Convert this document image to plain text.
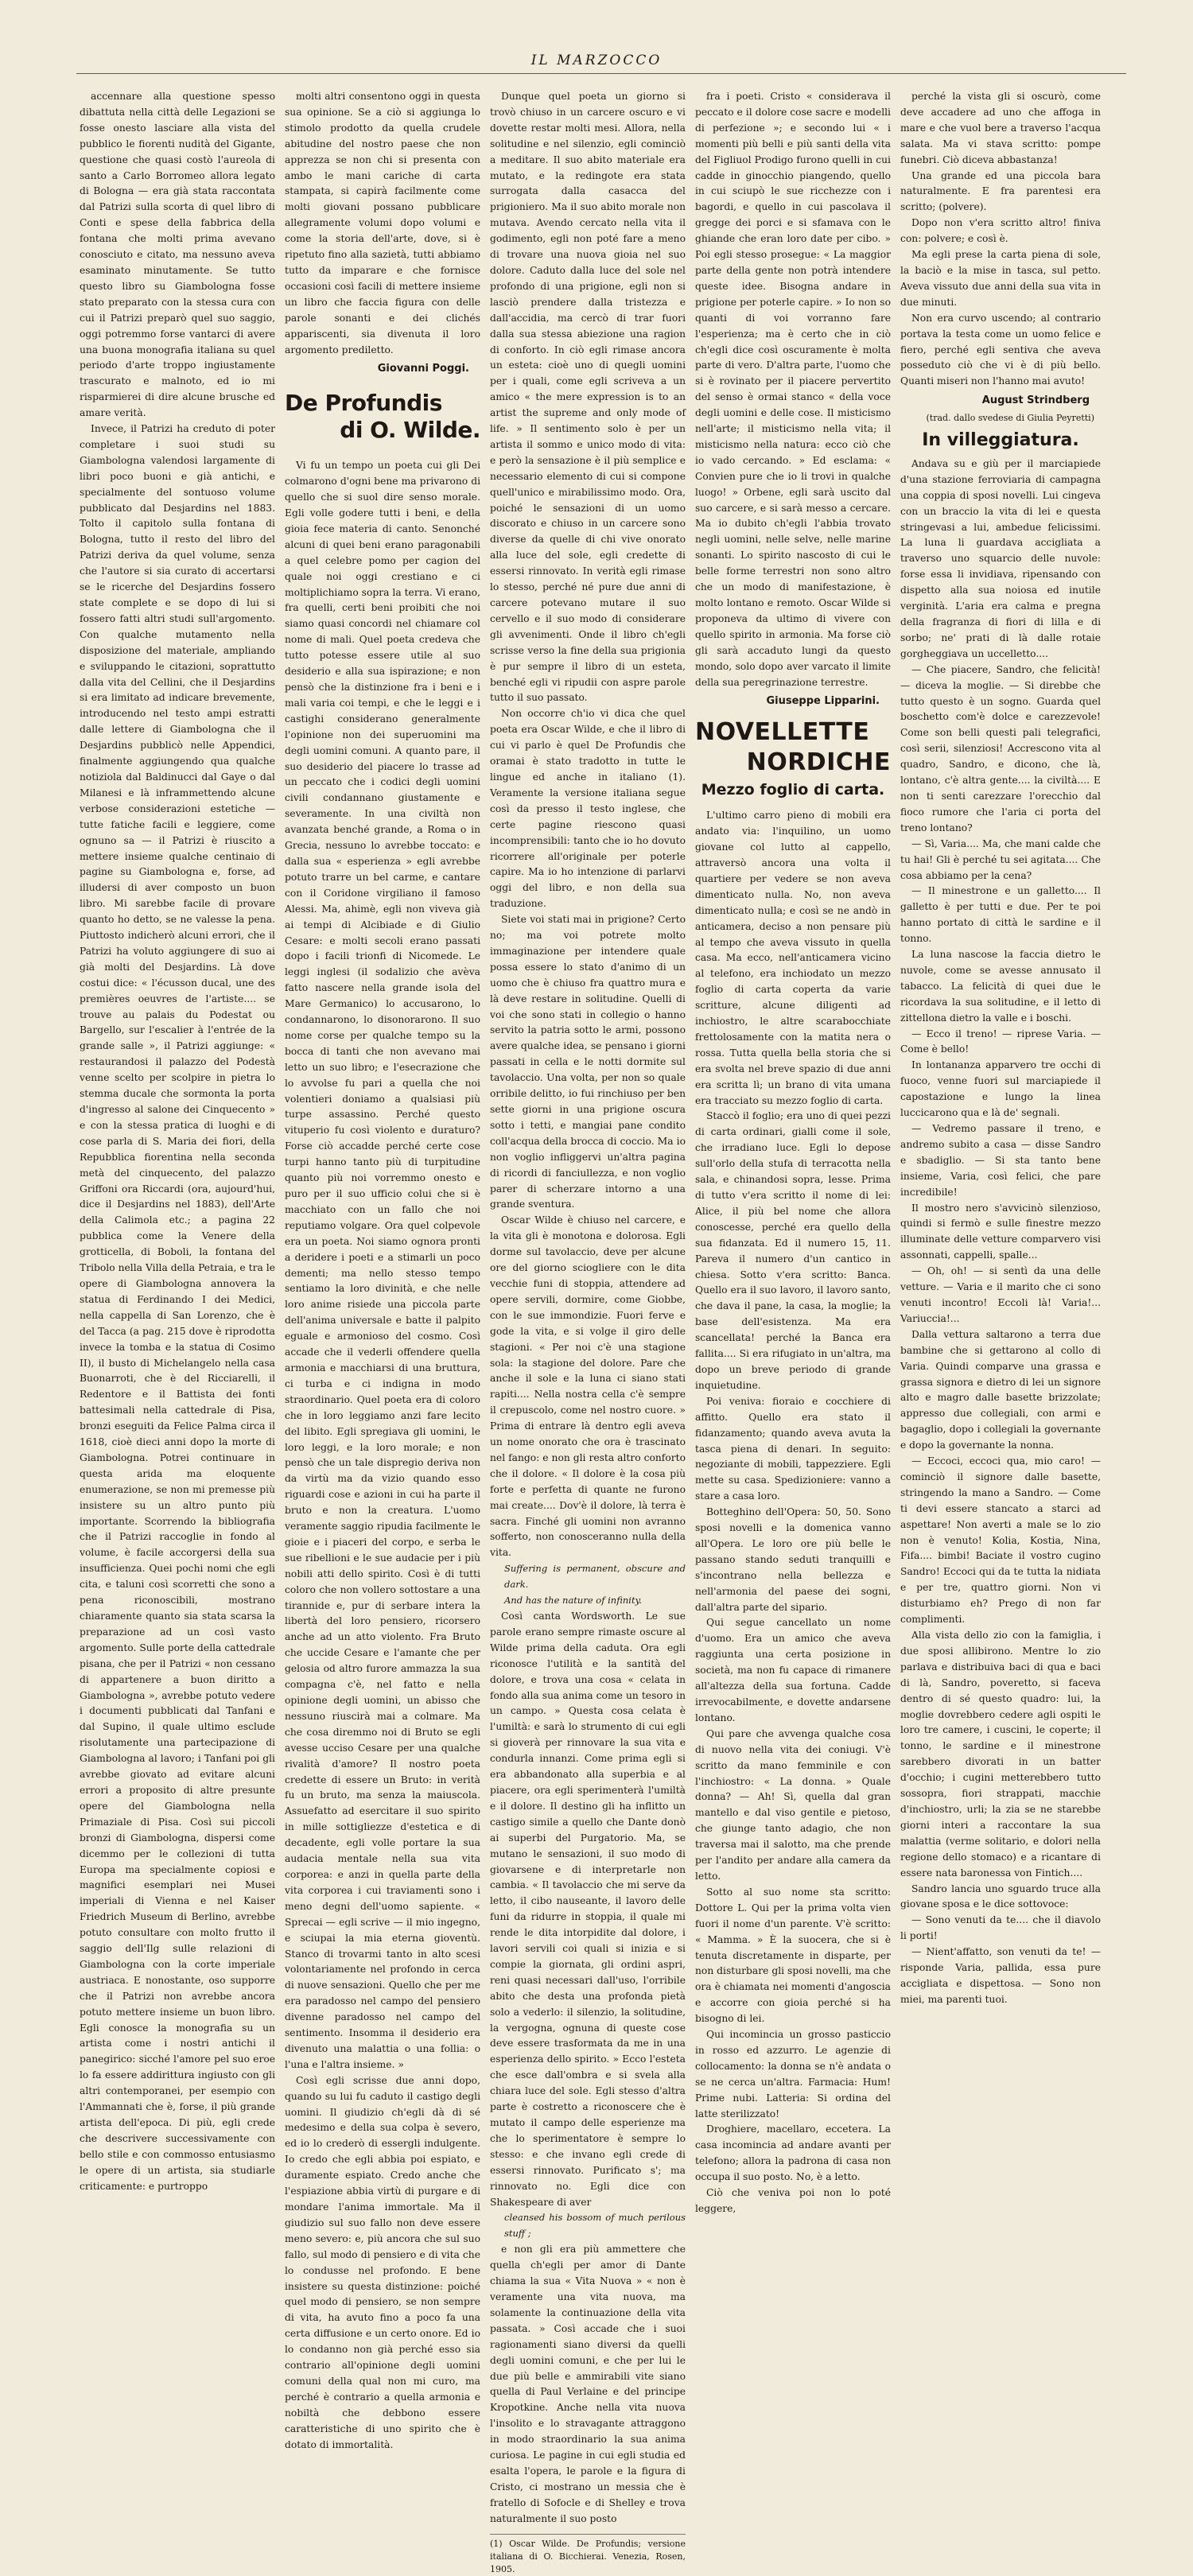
IL MARZOCCO

accennare alla questione spesso dibattuta nella città delle Legazioni se fosse onesto lasciare alla vista del pubblico le fiorenti nudità del Gigante, questione che quasi costò l'aureola di santo a Carlo Borromeo allora legato di Bologna — era già stata raccontata dal Patrizi sulla scorta di quel libro di Conti e spese della fabbrica della fontana che molti prima avevano conosciuto e citato, ma nessuno aveva esaminato minutamente. Se tutto questo libro su Giambologna fosse stato preparato con la stessa cura con cui il Patrizi preparò quel suo saggio, oggi potremmo forse vantarci di avere una buona monografia italiana su quel periodo d'arte troppo ingiustamente trascurato e malnoto, ed io mi risparmierei di dire alcune brusche ed amare verità.

Invece, il Patrizi ha creduto di poter completare i suoi studi su Giambologna valendosi largamente di libri poco buoni e già antichi, e specialmente del sontuoso volume pubblicato dal Desjardins nel 1883. Tolto il capitolo sulla fontana di Bologna, tutto il resto del libro del Patrizi deriva da quel volume, senza che l'autore si sia curato di accertarsi se le ricerche del Desjardins fossero state complete e se dopo di lui si fossero fatti altri studi sull'argomento. Con qualche mutamento nella disposizione del materiale, ampliando e sviluppando le citazioni, soprattutto dalla vita del Cellini, che il Desjardins si era limitato ad indicare brevemente, introducendo nel testo ampi estratti dalle lettere di Giambologna che il Desjardins pubblicò nelle Appendici, finalmente aggiungendo qua qualche notiziola dal Baldinucci dal Gaye o dal Milanesi e là inframmettendo alcune verbose considerazioni estetiche — tutte fatiche facili e leggiere, come ognuno sa — il Patrizi è riuscito a mettere insieme qualche centinaio di pagine su Giambologna e, forse, ad illudersi di aver composto un buon libro. Mi sarebbe facile di provare quanto ho detto, se ne valesse la pena. Piuttosto indicherò alcuni errori, che il Patrizi ha voluto aggiungere di suo ai già molti del Desjardins. Là dove costui dice: « l'écusson ducal, une des premières oeuvres de l'artiste.... se trouve au palais du Podestat ou Bargello, sur l'escalier à l'entrée de la grande salle », il Patrizi aggiunge: « restaurandosi il palazzo del Podestà venne scelto per scolpire in pietra lo stemma ducale che sormonta la porta d'ingresso al salone dei Cinquecento » e con la stessa pratica di luoghi e di cose parla di S. Maria dei fiori, della Repubblica fiorentina nella seconda metà del cinquecento, del palazzo Griffoni ora Riccardi (ora, aujourd'hui, dice il Desjardins nel 1883), dell'Arte della Calimola etc.; a pagina 22 pubblica come la Venere della grotticella, di Boboli, la fontana del Tribolo nella Villa della Petraia, e tra le opere di Giambologna annovera la statua di Ferdinando I dei Medici, nella cappella di San Lorenzo, che è del Tacca (a pag. 215 dove è riprodotta invece la tomba e la statua di Cosimo II), il busto di Michelangelo nella casa Buonarroti, che è del Ricciarelli, il Redentore e il Battista dei fonti battesimali nella cattedrale di Pisa, bronzi eseguiti da Felice Palma circa il 1618, cioè dieci anni dopo la morte di Giambologna. Potrei continuare in questa arida ma eloquente enumerazione, se non mi premesse più insistere su un altro punto più importante. Scorrendo la bibliografia che il Patrizi raccoglie in fondo al volume, è facile accorgersi della sua insufficienza. Quei pochi nomi che egli cita, e taluni così scorretti che sono a pena riconoscibili, mostrano chiaramente quanto sia stata scarsa la preparazione ad un così vasto argomento. Sulle porte della cattedrale pisana, che per il Patrizi « non cessano di appartenere a buon diritto a Giambologna », avrebbe potuto vedere i documenti pubblicati dal Tanfani e dal Supino, il quale ultimo esclude risolutamente una partecipazione di Giambologna al lavoro; i Tanfani poi gli avrebbe giovato ad evitare alcuni errori a proposito di altre presunte opere del Giambologna nella Primaziale di Pisa. Così sui piccoli bronzi di Giambologna, dispersi come dicemmo per le collezioni di tutta Europa ma specialmente copiosi e magnifici esemplari nei Musei imperiali di Vienna e nel Kaiser Friedrich Museum di Berlino, avrebbe potuto consultare con molto frutto il saggio dell'Ilg sulle relazioni di Giambologna con la corte imperiale austriaca. E nonostante, oso supporre che il Patrizi non avrebbe ancora potuto mettere insieme un buon libro. Egli conosce la monografia su un artista come i nostri antichi il panegirico: sicché l'amore pel suo eroe lo fa essere addirittura ingiusto con gli altri contemporanei, per esempio con l'Ammannati che è, forse, il più grande artista dell'epoca. Di più, egli crede che descrivere successivamente con bello stile e con commosso entusiasmo le opere di un artista, sia studiarle criticamente: e purtroppo

molti altri consentono oggi in questa sua opinione. Se a ciò si aggiunga lo stimolo prodotto da quella crudele abitudine del nostro paese che non apprezza se non chi si presenta con ambo le mani cariche di carta stampata, si capirà facilmente come molti giovani possano pubblicare allegramente volumi dopo volumi e come la storia dell'arte, dove, si è ripetuto fino alla sazietà, tutti abbiamo tutto da imparare e che fornisce occasioni così facili di mettere insieme un libro che faccia figura con delle parole sonanti e dei clichés appariscenti, sia divenuta il loro argomento prediletto.

Giovanni Poggi.
De Profundis
di O. Wilde.

Vi fu un tempo un poeta cui gli Dei colmarono d'ogni bene ma privarono di quello che si suol dire senso morale. Egli volle godere tutti i beni, e della gioia fece materia di canto. Senonché alcuni di quei beni erano paragonabili a quel celebre pomo per cagion del quale noi oggi crestiano e ci moltiplichiamo sopra la terra. Vi erano, fra quelli, certi beni proibiti che noi siamo quasi concordi nel chiamare col nome di mali. Quel poeta credeva che tutto potesse essere utile al suo desiderio e alla sua ispirazione; e non pensò che la distinzione fra i beni e i mali varia coi tempi, e che le leggi e i castighi considerano generalmente l'opinione non dei superuomini ma degli uomini comuni. A quanto pare, il suo desiderio del piacere lo trasse ad un peccato che i codici degli uomini civili condannano giustamente e severamente. In una civiltà non avanzata benché grande, a Roma o in Grecia, nessuno lo avrebbe toccato: e dalla sua « esperienza » egli avrebbe potuto trarre un bel carme, e cantare con il Coridone virgiliano il famoso Alessi. Ma, ahimè, egli non viveva già ai tempi di Alcibiade e di Giulio Cesare: e molti secoli erano passati dopo i facili trionfi di Nicomede. Le leggi inglesi (il sodalizio che avèva fatto nascere nella grande isola del Mare Germanico) lo accusarono, lo condannarono, lo disonorarono. Il suo nome corse per qualche tempo su la bocca di tanti che non avevano mai letto un suo libro; e l'esecrazione che lo avvolse fu pari a quella che noi volentieri doniamo a qualsiasi più turpe assassino. Perché questo vituperio fu così violento e duraturo? Forse ciò accadde perché certe cose turpi hanno tanto più di turpitudine quanto più noi vorremmo onesto e puro per il suo ufficio colui che si è macchiato con un fallo che noi reputiamo volgare. Ora quel colpevole era un poeta. Noi siamo ognora pronti a deridere i poeti e a stimarli un poco dementi; ma nello stesso tempo sentiamo la loro divinità, e che nelle loro anime risiede una piccola parte dell'anima universale e batte il palpito eguale e armonioso del cosmo. Così accade che il vederli offendere quella armonia e macchiarsi di una bruttura, ci turba e ci indigna in modo straordinario. Quel poeta era di coloro che in loro leggiamo anzi fare lecito del libito. Egli spregiava gli uomini, le loro leggi, e la loro morale; e non pensò che un tale dispregio deriva non da virtù ma da vizio quando esso riguardi cose e azioni in cui ha parte il bruto e non la creatura. L'uomo veramente saggio ripudia facilmente le gioie e i piaceri del corpo, e serba le sue ribellioni e le sue audacie per i più nobili atti dello spirito. Così è di tutti coloro che non vollero sottostare a una tirannide e, pur di serbare intera la libertà del loro pensiero, ricorsero anche ad un atto violento. Fra Bruto che uccide Cesare e l'amante che per gelosia od altro furore ammazza la sua compagna c'è, nel fatto e nella opinione degli uomini, un abisso che nessuno riuscirà mai a colmare. Ma che cosa diremmo noi di Bruto se egli avesse ucciso Cesare per una qualche rivalità d'amore? Il nostro poeta credette di essere un Bruto: in verità fu un bruto, ma senza la maiuscola. Assuefatto ad esercitare il suo spirito in mille sottigliezze d'estetica e di decadente, egli volle portare la sua audacia mentale nella sua vita corporea: e anzi in quella parte della vita corporea i cui traviamenti sono i meno degni dell'uomo sapiente. « Sprecai — egli scrive — il mio ingegno, e sciupai la mia eterna gioventù. Stanco di trovarmi tanto in alto scesi volontariamente nel profondo in cerca di nuove sensazioni. Quello che per me era paradosso nel campo del pensiero divenne paradosso nel campo del sentimento. Insomma il desiderio era divenuto una malattia o una follia: o l'una e l'altra insieme. »

Così egli scrisse due anni dopo, quando su lui fu caduto il castigo degli uomini. Il giudizio ch'egli dà di sé medesimo e della sua colpa è severo, ed io lo crederò di essergli indulgente. Io credo che egli abbia poi espiato, e duramente espiato. Credo anche che l'espiazione abbia virtù di purgare e di mondare l'anima immortale. Ma il giudizio sul suo fallo non deve essere meno severo: e, più ancora che sul suo fallo, sul modo di pensiero e di vita che lo condusse nel profondo. E bene insistere su questa distinzione: poiché quel modo di pensiero, se non sempre di vita, ha avuto fino a poco fa una certa diffusione e un certo onore. Ed io lo condanno non già perché esso sia contrario all'opinione degli uomini comuni della qual non mi curo, ma perché è contrario a quella armonia e nobiltà che debbono essere caratteristiche di uno spirito che è dotato di immortalità.

Dunque quel poeta un giorno si trovò chiuso in un carcere oscuro e vi dovette restar molti mesi. Allora, nella solitudine e nel silenzio, egli cominciò a meditare. Il suo abito materiale era mutato, e la redingote era stata surrogata dalla casacca del prigioniero. Ma il suo abito morale non mutava. Avendo cercato nella vita il godimento, egli non poté fare a meno di trovare una nuova gioia nel suo dolore. Caduto dalla luce del sole nel profondo di una prigione, egli non si lasciò prendere dalla tristezza e dall'accidia, ma cercò di trar fuori dalla sua stessa abiezione una ragion di conforto. In ciò egli rimase ancora un esteta: cioè uno di quegli uomini per i quali, come egli scriveva a un amico « the mere expression is to an artist the supreme and only mode of life. » Il sentimento solo è per un artista il sommo e unico modo di vita: e però la sensazione è il più semplice e necessario elemento di cui si compone quell'unico e mirabilissimo modo. Ora, poiché le sensazioni di un uomo discorato e chiuso in un carcere sono diverse da quelle di chi vive onorato alla luce del sole, egli credette di essersi rinnovato. In verità egli rimase lo stesso, perché né pure due anni di carcere potevano mutare il suo cervello e il suo modo di considerare gli avvenimenti. Onde il libro ch'egli scrisse verso la fine della sua prigionia è pur sempre il libro di un esteta, benché egli vi ripudii con aspre parole tutto il suo passato.

Non occorre ch'io vi dica che quel poeta era Oscar Wilde, e che il libro di cui vi parlo è quel De Profundis che oramai è stato tradotto in tutte le lingue ed anche in italiano (1). Veramente la versione italiana segue così da presso il testo inglese, che certe pagine riescono quasi incomprensibili: tanto che io ho dovuto ricorrere all'originale per poterle capire. Ma io ho intenzione di parlarvi oggi del libro, e non della sua traduzione.

Siete voi stati mai in prigione? Certo no; ma voi potrete molto immaginazione per intendere quale possa essere lo stato d'animo di un uomo che è chiuso fra quattro mura e là deve restare in solitudine. Quelli di voi che sono stati in collegio o hanno servito la patria sotto le armi, possono avere qualche idea, se pensano i giorni passati in cella e le notti dormite sul tavolaccio. Una volta, per non so quale orribile delitto, io fui rinchiuso per ben sette giorni in una prigione oscura sotto i tetti, e mangiai pane condito coll'acqua della brocca di coccio. Ma io non voglio infliggervi un'altra pagina di ricordi di fanciullezza, e non voglio parer di scherzare intorno a una grande sventura.

Oscar Wilde è chiuso nel carcere, e la vita gli è monotona e dolorosa. Egli dorme sul tavolaccio, deve per alcune ore del giorno sciogliere con le dita vecchie funi di stoppia, attendere ad opere servili, dormire, come Giobbe, con le sue immondizie. Fuori ferve e gode la vita, e si volge il giro delle stagioni. « Per noi c'è una stagione sola: la stagione del dolore. Pare che anche il sole e la luna ci siano stati rapiti.... Nella nostra cella c'è sempre il crepuscolo, come nel nostro cuore. » Prima di entrare là dentro egli aveva un nome onorato che ora è trascinato nel fango: e non gli resta altro conforto che il dolore. « Il dolore è la cosa più forte e perfetta di quante ne furono mai create.... Dov'è il dolore, là terra è sacra. Finché gli uomini non avranno sofferto, non conosceranno nulla della vita.

Suffering is permanent, obscure and dark.

And has the nature of infinity.

Così canta Wordsworth. Le sue parole erano sempre rimaste oscure al Wilde prima della caduta. Ora egli riconosce l'utilità e la santità del dolore, e trova una cosa « celata in fondo alla sua anima come un tesoro in un campo. » Questa cosa celata è l'umiltà: e sarà lo strumento di cui egli si gioverà per rinnovare la sua vita e condurla innanzi. Come prima egli si era abbandonato alla superbia e al piacere, ora egli sperimenterà l'umiltà e il dolore. Il destino gli ha inflitto un castigo simile a quello che Dante donò ai superbi del Purgatorio. Ma, se mutano le sensazioni, il suo modo di giovarsene e di interpretarle non cambia. « Il tavolaccio che mi serve da letto, il cibo nauseante, il lavoro delle funi da ridurre in stoppia, il quale mi rende le dita intorpidite dal dolore, i lavori servili coi quali si inizia e si compie la giornata, gli ordini aspri, reni quasi necessari dall'uso, l'orribile abito che desta una profonda pietà solo a vederlo: il silenzio, la solitudine, la vergogna, ognuna di queste cose deve essere trasformata da me in una esperienza dello spirito. » Ecco l'esteta che esce dall'ombra e si svela alla chiara luce del sole. Egli stesso d'altra parte è costretto a riconoscere che è mutato il campo delle esperienze ma che lo sperimentatore è sempre lo stesso: e che invano egli crede di essersi rinnovato. Purificato s'; ma rinnovato no. Egli dice con Shakespeare di aver

cleansed his bossom of much perilous stuff ;

e non gli era più ammettere che quella ch'egli per amor di Dante chiama la sua « Vita Nuova » « non è veramente una vita nuova, ma solamente la continuazione della vita passata. » Così accade che i suoi ragionamenti siano diversi da quelli degli uomini comuni, e che per lui le due più belle e ammirabili vite siano quella di Paul Verlaine e del principe Kropotkine. Anche nella vita nuova l'insolito e lo stravagante attraggono in modo straordinario la sua anima curiosa. Le pagine in cui egli studia ed esalta l'opera, le parole e la figura di Cristo, ci mostrano un messia che è fratello di Sofocle e di Shelley e trova naturalmente il suo posto

(1) Oscar Wilde. De Profundis; versione italiana di O. Bicchierai. Venezia, Rosen, 1905.

fra i poeti. Cristo « considerava il peccato e il dolore cose sacre e modelli di perfezione »; e secondo lui « i momenti più belli e più santi della vita del Figliuol Prodigo furono quelli in cui cadde in ginocchio piangendo, quello in cui sciupò le sue ricchezze con i bagordi, e quello in cui pascolava il gregge dei porci e si sfamava con le ghiande che eran loro date per cibo. » Poi egli stesso prosegue: « La maggior parte della gente non potrà intendere queste idee. Bisogna andare in prigione per poterle capire. » Io non so quanti di voi vorranno fare l'esperienza; ma è certo che in ciò ch'egli dice così oscuramente è molta parte di vero. D'altra parte, l'uomo che si è rovinato per il piacere pervertito del senso è ormai stanco « della voce degli uomini e delle cose. Il misticismo nell'arte; il misticismo nella vita; il misticismo nella natura: ecco ciò che io vado cercando. » Ed esclama: « Convien pure che io li trovi in qualche luogo! » Orbene, egli sarà uscito dal suo carcere, e si sarà messo a cercare. Ma io dubito ch'egli l'abbia trovato negli uomini, nelle selve, nelle marine sonanti. Lo spirito nascosto di cui le belle forme terrestri non sono altro che un modo di manifestazione, è molto lontano e remoto. Oscar Wilde si proponeva da ultimo di vivere con quello spirito in armonia. Ma forse ciò gli sarà accaduto lungi da questo mondo, solo dopo aver varcato il limite della sua peregrinazione terrestre.

Giuseppe Lipparini.
NOVELLETTE
NORDICHE
Mezzo foglio di carta.

L'ultimo carro pieno di mobili era andato via: l'inquilino, un uomo giovane col lutto al cappello, attraversò ancora una volta il quartiere per vedere se non aveva dimenticato nulla. No, non aveva dimenticato nulla; e così se ne andò in anticamera, deciso a non pensare più al tempo che aveva vissuto in quella casa. Ma ecco, nell'anticamera vicino al telefono, era inchiodato un mezzo foglio di carta coperta da varie scritture, alcune diligenti ad inchiostro, le altre scarabocchiate frettolosamente con la matita nera o rossa. Tutta quella bella storia che si era svolta nel breve spazio di due anni era scritta lì; un brano di vita umana era tracciato su mezzo foglio di carta.

Staccò il foglio; era uno di quei pezzi di carta ordinari, gialli come il sole, che irradiano luce. Egli lo depose sull'orlo della stufa di terracotta nella sala, e chinandosi sopra, lesse. Prima di tutto v'era scritto il nome di lei: Alice, il più bel nome che allora conoscesse, perché era quello della sua fidanzata. Ed il numero 15, 11. Pareva il numero d'un cantico in chiesa. Sotto v'era scritto: Banca. Quello era il suo lavoro, il lavoro santo, che dava il pane, la casa, la moglie; la base dell'esistenza. Ma era scancellata! perché la Banca era fallita.... Si era rifugiato in un'altra, ma dopo un breve periodo di grande inquietudine.

Poi veniva: fioraio e cocchiere di affitto. Quello era stato il fidanzamento; quando aveva avuta la tasca piena di denari. In seguito: negoziante di mobili, tappezziere. Egli mette su casa. Spedizioniere: vanno a stare a casa loro.

Botteghino dell'Opera: 50, 50. Sono sposi novelli e la domenica vanno all'Opera. Le loro ore più belle le passano stando seduti tranquilli e s'incontrano nella bellezza e nell'armonia del paese dei sogni, dall'altra parte del sipario.

Qui segue cancellato un nome d'uomo. Era un amico che aveva raggiunta una certa posizione in società, ma non fu capace di rimanere all'altezza della sua fortuna. Cadde irrevocabilmente, e dovette andarsene lontano.

Qui pare che avvenga qualche cosa di nuovo nella vita dei coniugi. V'è scritto da mano femminile e con l'inchiostro: « La donna. » Quale donna? — Ah! Sì, quella dal gran mantello e dal viso gentile e pietoso, che giunge tanto adagio, che non traversa mai il salotto, ma che prende per l'andito per andare alla camera da letto.

Sotto al suo nome sta scritto: Dottore L. Qui per la prima volta vien fuori il nome d'un parente. V'è scritto: « Mamma. » È la suocera, che si è tenuta discretamente in disparte, per non disturbare gli sposi novelli, ma che ora è chiamata nei momenti d'angoscia e accorre con gioia perché si ha bisogno di lei.

Qui incomincia un grosso pasticcio in rosso ed azzurro. Le agenzie di collocamento: la donna se n'è andata o se ne cerca un'altra. Farmacia: Hum! Prime nubi. Latteria: Si ordina del latte sterilizzato!

Droghiere, macellaro, eccetera. La casa incomincia ad andare avanti per telefono; allora la padrona di casa non occupa il suo posto. No, è a letto.

Ciò che veniva poi non lo poté leggere,

perché la vista gli si oscurò, come deve accadere ad uno che affoga in mare e che vuol bere a traverso l'acqua salata. Ma vi stava scritto: pompe funebri. Ciò diceva abbastanza!

Una grande ed una piccola bara naturalmente. E fra parentesi era scritto; (polvere).

Dopo non v'era scritto altro! finiva con: polvere; e così è.

Ma egli prese la carta piena di sole, la baciò e la mise in tasca, sul petto. Aveva vissuto due anni della sua vita in due minuti.

Non era curvo uscendo; al contrario portava la testa come un uomo felice e fiero, perché egli sentiva che aveva posseduto ciò che vi è di più bello. Quanti miseri non l'hanno mai avuto!

August Strindberg
(trad. dallo svedese di Giulia Peyretti)
In villeggiatura.

Andava su e giù per il marciapiede d'una stazione ferroviaria di campagna una coppia di sposi novelli. Lui cingeva con un braccio la vita di lei e questa stringevasi a lui, ambedue felicissimi. La luna li guardava accigliata a traverso uno squarcio delle nuvole: forse essa li invidiava, ripensando con dispetto alla sua noiosa ed inutile verginità. L'aria era calma e pregna della fragranza di fiori di lilla e di sorbo; ne' prati di là dalle rotaie gorgheggiava un uccelletto....

— Che piacere, Sandro, che felicità! — diceva la moglie. — Si direbbe che tutto questo è un sogno. Guarda quel boschetto com'è dolce e carezzevole! Come son belli questi pali telegrafici, così serii, silenziosi! Accrescono vita al quadro, Sandro, e dicono, che là, lontano, c'è altra gente.... la civiltà.... E non ti senti carezzare l'orecchio dal fioco rumore che l'aria ci porta del treno lontano?

— Sì, Varia.... Ma, che mani calde che tu hai! Gli è perché tu sei agitata.... Che cosa abbiamo per la cena?

— Il minestrone e un galletto.... Il galletto è per tutti e due. Per te poi hanno portato di città le sardine e il tonno.

La luna nascose la faccia dietro le nuvole, come se avesse annusato il tabacco. La felicità di quei due le ricordava la sua solitudine, e il letto di zittellona dietro la valle e i boschi.

— Ecco il treno! — riprese Varia. — Come è bello!

In lontananza apparvero tre occhi di fuoco, venne fuori sul marciapiede il capostazione e lungo la linea luccicarono qua e là de' segnali.

— Vedremo passare il treno, e andremo subito a casa — disse Sandro e sbadiglio. — Si sta tanto bene insieme, Varia, così felici, che pare incredibile!

Il mostro nero s'avvicinò silenzioso, quindi si fermò e sulle finestre mezzo illuminate delle vetture comparvero visi assonnati, cappelli, spalle...

— Oh, oh! — si sentì da una delle vetture. — Varia e il marito che ci sono venuti incontro! Eccoli là! Varia!... Variuccia!...

Dalla vettura saltarono a terra due bambine che si gettarono al collo di Varia. Quindi comparve una grassa e grassa signora e dietro di lei un signore alto e magro dalle basette brizzolate; appresso due collegiali, con armi e bagaglio, dopo i collegiali la governante e dopo la governante la nonna.

— Eccoci, eccoci qua, mio caro! — cominciò il signore dalle basette, stringendo la mano a Sandro. — Come ti devi essere stancato a starci ad aspettare! Non averti a male se lo zio non è venuto! Kolia, Kostia, Nina, Fifa.... bimbi! Baciate il vostro cugino Sandro! Eccoci qui da te tutta la nidiata e per tre, quattro giorni. Non vi disturbiamo eh? Prego di non far complimenti.

Alla vista dello zio con la famiglia, i due sposi allibirono. Mentre lo zio parlava e distribuiva baci di qua e baci di là, Sandro, poveretto, si faceva dentro di sé questo quadro: lui, la moglie dovrebbero cedere agli ospiti le loro tre camere, i cuscini, le coperte; il tonno, le sardine e il minestrone sarebbero divorati in un batter d'occhio; i cugini metterebbero tutto sossopra, fiori strappati, macchie d'inchiostro, urli; la zia se ne starebbe giorni interi a raccontare la sua malattia (verme solitario, e dolori nella regione dello stomaco) e a ricantare di essere nata baronessa von Fintich....

Sandro lancia uno sguardo truce alla giovane sposa e le dice sottovoce:

— Sono venuti da te.... che il diavolo li porti!

— Nient'affatto, son venuti da te! — risponde Varia, pallida, essa pure accigliata e dispettosa. — Sono non miei, ma parenti tuoi.
